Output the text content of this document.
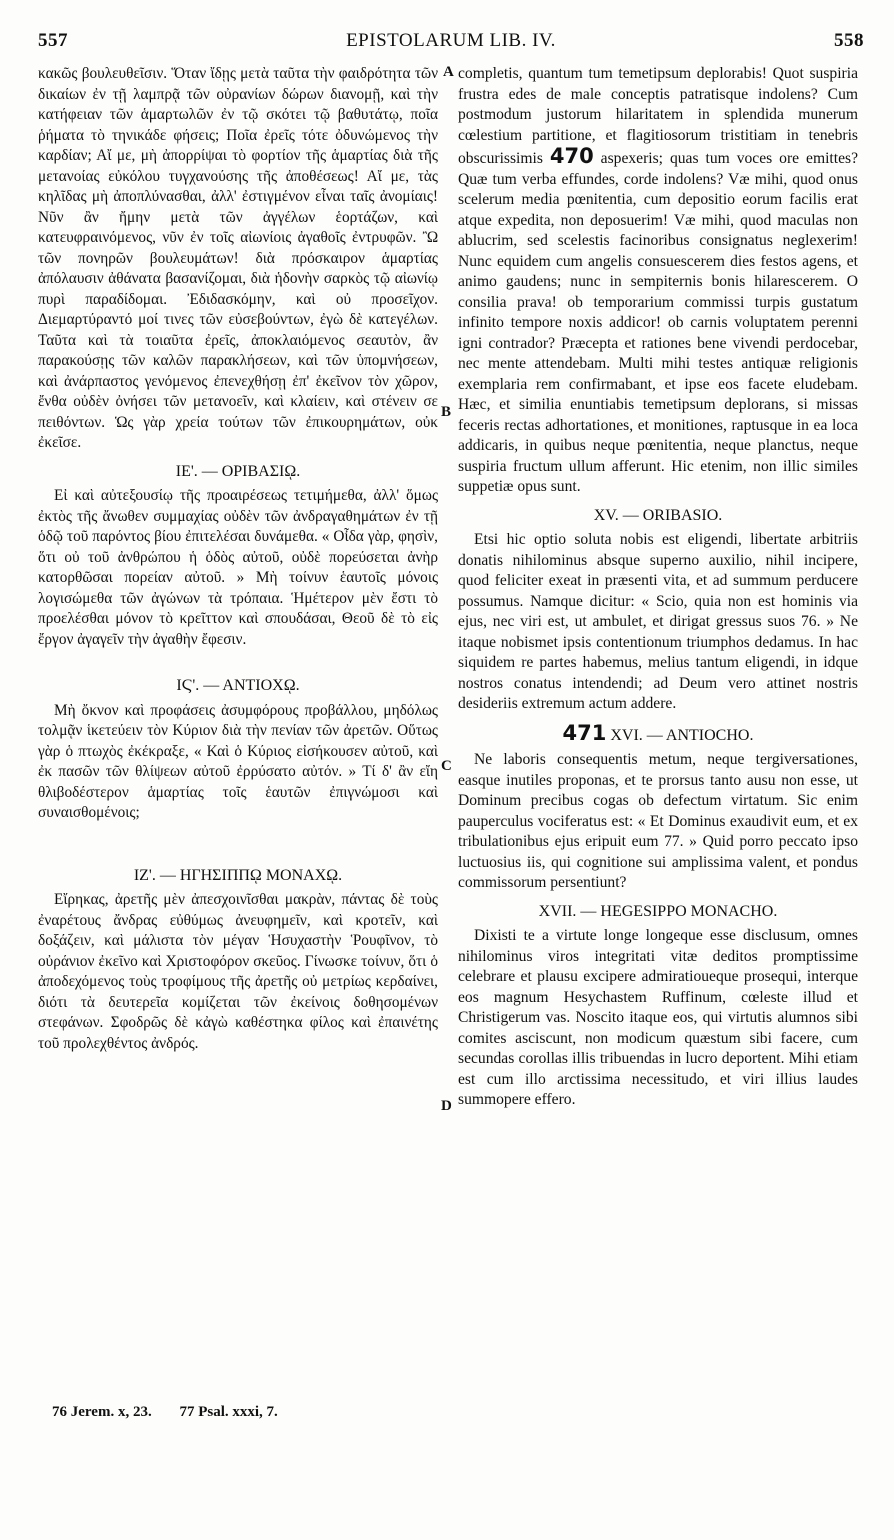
557	EPISTOLARUM LIB. IV.	558
A
B
C
D

κακῶς βουλευθεῖσιν. Ὅταν ἴδῃς μετὰ ταῦτα τὴν φαιδρότητα τῶν δικαίων ἐν τῇ λαμπρᾷ τῶν οὐρανίων δώρων διανομῇ, καὶ τὴν κατήφειαν τῶν ἁμαρτωλῶν ἐν τῷ σκότει τῷ βαθυτάτῳ, ποῖα ῥήματα τὸ τηνικάδε φήσεις; Ποῖα ἐρεῖς τότε ὀδυνώμενος τὴν καρδίαν; Αἴ με, μὴ ἀπορρίψαι τὸ φορτίον τῆς ἁμαρτίας διὰ τῆς μετανοίας εὐκόλου τυγχανούσης τῆς ἀποθέσεως! Αἴ με, τὰς κηλῖδας μὴ ἀποπλύνασθαι, ἀλλ' ἐστιγμένον εἶναι ταῖς ἀνομίαις! Νῦν ἂν ἤμην μετὰ τῶν ἀγγέλων ἑορτάζων, καὶ κατευφραινόμενος, νῦν ἐν τοῖς αἰωνίοις ἀγαθοῖς ἐντρυφῶν. Ὢ τῶν πονηρῶν βουλευμάτων! διὰ πρόσκαιρον ἁμαρτίας ἀπόλαυσιν ἀθάνατα βασανίζομαι, διὰ ἡδονὴν σαρκὸς τῷ αἰωνίῳ πυρὶ παραδίδομαι. Ἐδιδασκόμην, καὶ οὐ προσεῖχον. Διεμαρτύραντό μοί τινες τῶν εὐσεβούντων, ἐγὼ δὲ κατεγέλων. Ταῦτα καὶ τὰ τοιαῦτα ἐρεῖς, ἀποκλαιόμενος σεαυτὸν, ἂν παρακούσῃς τῶν καλῶν παρακλήσεων, καὶ τῶν ὑπομνήσεων, καὶ ἀνάρπαστος γενόμενος ἐπενεχθήσῃ ἐπ' ἐκεῖνον τὸν χῶρον, ἔνθα οὐδὲν ὀνήσει τῶν μετανοεῖν, καὶ κλαίειν, καὶ στένειν σε πειθόντων. Ὡς γὰρ χρεία τούτων τῶν ἐπικουρημάτων, οὐκ ἐκεῖσε.

ΙΕ'. — ΟΡΙΒΑΣΙῼ.

Εἰ καὶ αὐτεξουσίῳ τῆς προαιρέσεως τετιμήμεθα, ἀλλ' ὅμως ἐκτὸς τῆς ἄνωθεν συμμαχίας οὐδὲν τῶν ἀνδραγαθημάτων ἐν τῇ ὁδῷ τοῦ παρόντος βίου ἐπιτελέσαι δυνάμεθα. « Οἶδα γὰρ, φησὶν, ὅτι οὐ τοῦ ἀνθρώπου ἡ ὁδὸς αὐτοῦ, οὐδὲ πορεύσεται ἀνὴρ κατορθῶσαι πορείαν αὐτοῦ. » Μὴ τοίνυν ἑαυτοῖς μόνοις λογισώμεθα τῶν ἀγώνων τὰ τρόπαια. Ἡμέτερον μὲν ἔστι τὸ προελέσθαι μόνον τὸ κρεῖττον καὶ σπουδάσαι, Θεοῦ δὲ τὸ εἰς ἔργον ἀγαγεῖν τὴν ἀγαθὴν ἔφεσιν.

ΙϚ'. — ΑΝΤΙΟΧῼ.

Μὴ ὄκνον καὶ προφάσεις ἀσυμφόρους προβάλλου, μηδόλως τολμᾷν ἱκετεύειν τὸν Κύριον διὰ τὴν πενίαν τῶν ἀρετῶν. Οὕτως γὰρ ὁ πτωχὸς ἐκέκραξε, « Καὶ ὁ Κύριος εἰσήκουσεν αὐτοῦ, καὶ ἐκ πασῶν τῶν θλίψεων αὐτοῦ ἐρρύσατο αὐτόν. » Τί δ' ἂν εἴη θλιβοδέστερον ἁμαρτίας τοῖς ἑαυτῶν ἐπιγνώμοσι καὶ συναισθομένοις;

ΙΖ'. — ΗΓΗΣΙΠΠῼ ΜΟΝΑΧῼ.

Εἴρηκας, ἀρετῆς μὲν ἀπεσχοινῖσθαι μακρὰν, πάντας δὲ τοὺς ἐναρέτους ἄνδρας εὐθύμως ἀνευφημεῖν, καὶ κροτεῖν, καὶ δοξάζειν, καὶ μάλιστα τὸν μέγαν Ἡσυχαστὴν Ῥουφῖνον, τὸ οὐράνιον ἐκεῖνο καὶ Χριστοφόρον σκεῦος. Γίνωσκε τοίνυν, ὅτι ὁ ἀποδεχόμενος τοὺς τροφίμους τῆς ἀρετῆς οὐ μετρίως κερδαίνει, διότι τὰ δευτερεῖα κομίζεται τῶν ἐκείνοις δοθησομένων στεφάνων. Σφοδρῶς δὲ κἀγὼ καθέστηκα φίλος καὶ ἐπαινέτης τοῦ προλεχθέντος ἀνδρός.

completis, quantum tum temetipsum deplorabis! Quot suspiria frustra edes de male conceptis patratisque indolens? Cum postmodum justorum hilaritatem in splendida munerum cœlestium partitione, et flagitiosorum tristitiam in tenebris obscurissimis 470 aspexeris; quas tum voces ore emittes? Quæ tum verba effundes, corde indolens? Væ mihi, quod onus scelerum media pœnitentia, cum depositio eorum facilis erat atque expedita, non deposuerim! Væ mihi, quod maculas non ablucrim, sed scelestis facinoribus consignatus neglexerim! Nunc equidem cum angelis consuescerem dies festos agens, et animo gaudens; nunc in sempiternis bonis hilarescerem. O consilia prava! ob temporarium commissi turpis gustatum infinito tempore noxis addicor! ob carnis voluptatem perenni igni contrador? Præcepta et rationes bene vivendi perdocebar, nec mente attendebam. Multi mihi testes antiquæ religionis exemplaria rem confirmabant, et ipse eos facete eludebam. Hæc, et similia enuntiabis temetipsum deplorans, si missas feceris rectas adhortationes, et monitiones, raptusque in ea loca addicaris, in quibus neque pœnitentia, neque planctus, neque suspiria fructum ullum afferunt. Hic etenim, non illic similes suppetiæ opus sunt.

XV. — ORIBASIO.

Etsi hic optio soluta nobis est eligendi, libertate arbitriis donatis nihilominus absque superno auxilio, nihil incipere, quod feliciter exeat in præsenti vita, et ad summum perducere possumus. Namque dicitur: « Scio, quia non est hominis via ejus, nec viri est, ut ambulet, et dirigat gressus suos 76. » Ne itaque nobismet ipsis contentionum triumphos dedamus. In hac siquidem re partes habemus, melius tantum eligendi, in idque nostros conatus intendendi; ad Deum vero attinet nostris desideriis extremum actum addere.

471 XVI. — ANTIOCHO.

Ne laboris consequentis metum, neque tergiversationes, easque inutiles proponas, et te prorsus tanto ausu non esse, ut Dominum precibus cogas ob defectum virtatum. Sic enim pauperculus vociferatus est: « Et Dominus exaudivit eum, et ex tribulationibus ejus eripuit eum 77. » Quid porro peccato ipso luctuosius iis, qui cognitione sui amplissima valent, et pondus commissorum persentiunt?

XVII. — HEGESIPPO MONACHO.

Dixisti te a virtute longe longeque esse disclusum, omnes nihilominus viros integritati vitæ deditos promptissime celebrare et plausu excipere admiratioueque prosequi, interque eos magnum Hesychastem Ruffinum, cœleste illud et Christigerum vas. Noscito itaque eos, qui virtutis alumnos sibi comites asciscunt, non modicum quæstum sibi facere, cum secundas corollas illis tribuendas in lucro deportent. Mihi etiam est cum illo arctissima necessitudo, et viri illius laudes summopere efferο.

76 Jerem. x, 23. 77 Psal. xxxi, 7.
